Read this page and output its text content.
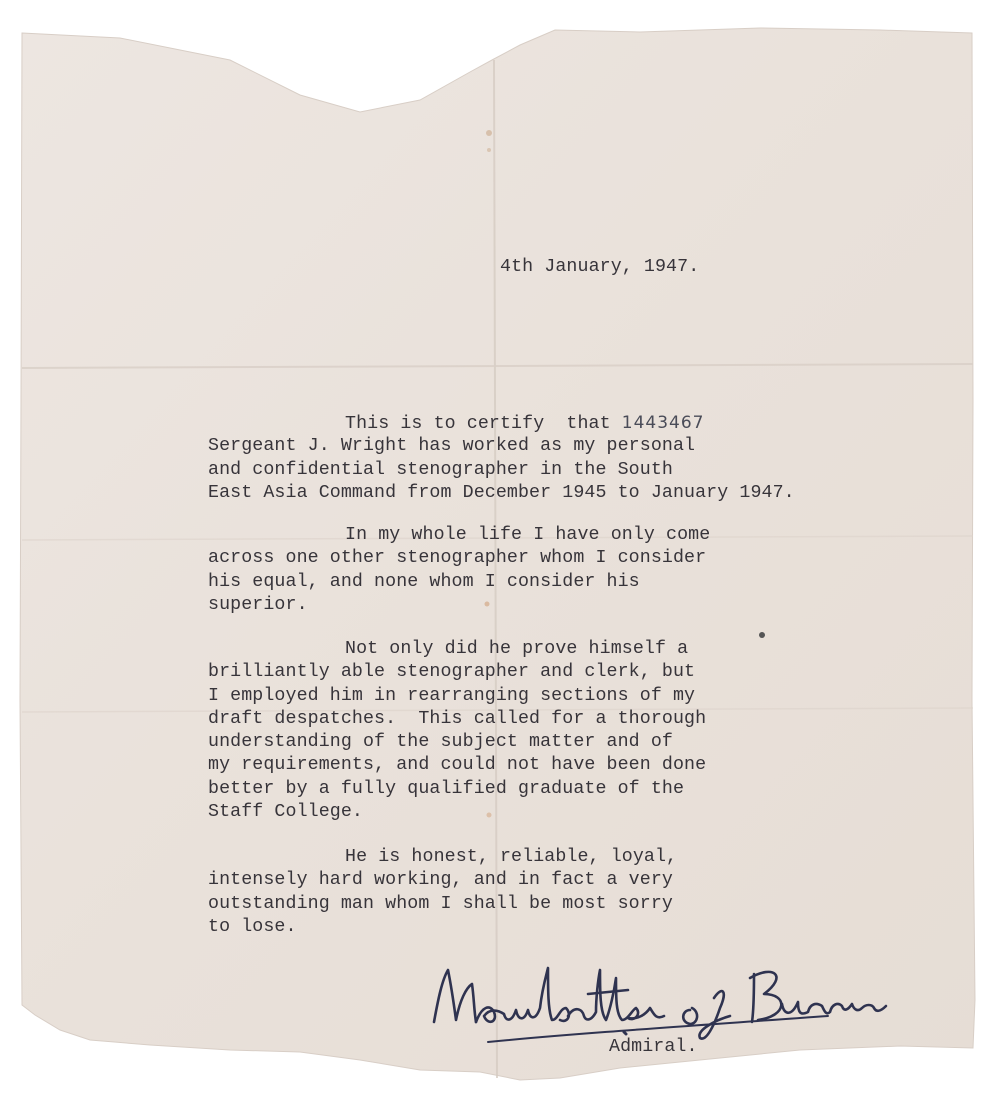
4th January, 1947.
This is to certify  that 1443467
Sergeant J. Wright has worked as my personal
and confidential stenographer in the South
East Asia Command from December 1945 to January 1947.
In my whole life I have only come
across one other stenographer whom I consider
his equal, and none whom I consider his
superior.
Not only did he prove himself a
brilliantly able stenographer and clerk, but
I employed him in rearranging sections of my
draft despatches.  This called for a thorough
understanding of the subject matter and of
my requirements, and could not have been done
better by a fully qualified graduate of the
Staff College.
He is honest, reliable, loyal,
intensely hard working, and in fact a very
outstanding man whom I shall be most sorry
to lose.
Admiral.
